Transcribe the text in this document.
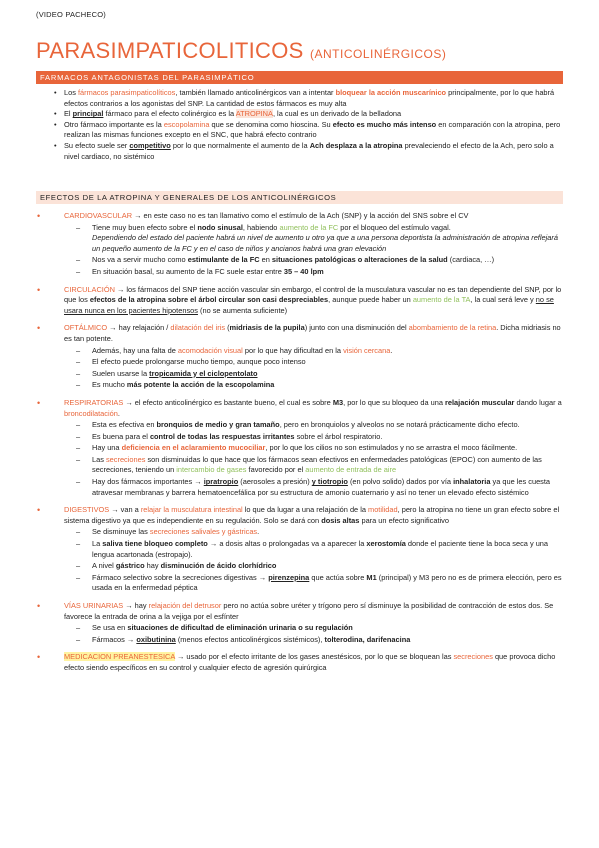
(VIDEO PACHECO)
PARASIMPATICOLITICOS (ANTICOLINÉRGICOS)
FARMACOS ANTAGONISTAS DEL PARASIMPÁTICO
• Los fármacos parasimpaticolíticos, también llamado anticolinérgicos van a intentar bloquear la acción muscarínico principalmente, por lo que habrá efectos contrarios a los agonistas del SNP. La cantidad de estos fármacos es muy alta
• El principal fármaco para el efecto colinérgico es la ATROPINA, la cual es un derivado de la belladona
• Otro fármaco importante es la escopolamina que se denomina como hioscina. Su efecto es mucho más intenso en comparación con la atropina, pero realizan las mismas funciones excepto en el SNC, que habrá efecto contrario
• Su efecto suele ser competitivo por lo que normalmente el aumento de la Ach desplaza a la atropina prevaleciendo el efecto de la Ach, pero solo a nivel cardiaco, no sistémico
EFECTOS DE LA ATROPINA Y GENERALES DE LOS ANTICOLINÉRGICOS
• CARDIOVASCULAR → en este caso no es tan llamativo como el estímulo de la Ach (SNP) y la acción del SNS sobre el CV
– Tiene muy buen efecto sobre el nodo sinusal, habiendo aumento de la FC por el bloqueo del estímulo vagal.
Dependiendo del estado del paciente habrá un nivel de aumento u otro ya que a una persona deportista la administración de atropina reflejará un pequeño aumento de la FC y en el caso de niños y ancianos habrá una gran elevación
– Nos va a servir mucho como estimulante de la FC en situaciones patológicas o alteraciones de la salud (cardiaca, …)
– En situación basal, su aumento de la FC suele estar entre 35 – 40 lpm
• CIRCULACIÓN → los fármacos del SNP tiene acción vascular sin embargo, el control de la musculatura vascular no es tan dependiente del SNP, por lo que los efectos de la atropina sobre el árbol circular son casi despreciables, aunque puede haber un aumento de la TA, la cual será leve y no se usara nunca en los pacientes hipotensos (no se aumenta suficiente)
• OFTÁLMICO → hay relajación / dilatación del iris (midriasis de la pupila) junto con una disminución del abombamiento de la retina. Dicha midriasis no es tan potente.
– Además, hay una falta de acomodación visual por lo que hay dificultad en la visión cercana.
– El efecto puede prolongarse mucho tiempo, aunque poco intenso
– Suelen usarse la tropicamida y el ciclopentolato
– Es mucho más potente la acción de la escopolamina
• RESPIRATORIAS → el efecto anticolinérgico es bastante bueno, el cual es sobre M3, por lo que su bloqueo da una relajación muscular dando lugar a broncodilatación.
– Esta es efectiva en bronquios de medio y gran tamaño, pero en bronquiolos y alveolos no se notará prácticamente dicho efecto.
– Es buena para el control de todas las respuestas irritantes sobre el árbol respiratorio.
– Hay una deficiencia en el aclaramiento mucociliar, por lo que los cilios no son estimulados y no se arrastra el moco fácilmente.
– Las secreciones son disminuidas lo que hace que los fármacos sean efectivos en enfermedades patológicas (EPOC) con aumento de las secreciones, teniendo un intercambio de gases favorecido por el aumento de entrada de aire
– Hay dos fármacos importantes → ipratropio (aerosoles a presión) y tiotropio (en polvo solido) dados por vía inhalatoria ya que les cuesta atravesar membranas y barrera hematoencefálica por su estructura de amonio cuaternario y así no tener un elevado efecto sistémico
• DIGESTIVOS → van a relajar la musculatura intestinal lo que da lugar a una relajación de la motilidad, pero la atropina no tiene un gran efecto sobre el sistema digestivo ya que es independiente en su regulación. Solo se dará con dosis altas para un efecto significativo
– Se disminuye las secreciones salivales y gástricas.
– La saliva tiene bloqueo completo → a dosis altas o prolongadas va a aparecer la xerostomía donde el paciente tiene la boca seca y una lengua acartonada (estropajo).
– A nivel gástrico hay disminución de ácido clorhídrico
– Fármaco selectivo sobre la secreciones digestivas → pirenzepina que actúa sobre M1 (principal) y M3 pero no es de primera elección, pero es usada en la enfermedad péptica
• VÍAS URINARIAS → hay relajación del detrusor pero no actúa sobre uréter y trígono pero sí disminuye la posibilidad de contracción de estos dos. Se favorece la entrada de orina a la vejiga por el esfínter
– Se usa en situaciones de dificultad de eliminación urinaria o su regulación
– Fármacos → oxibutinina (menos efectos anticolinérgicos sistémicos), tolterodina, darifenacina
• MEDICACION PREANESTESICA → usado por el efecto irritante de los gases anestésicos, por lo que se bloquean las secreciones que provoca dicho efecto siendo específicos en su control y cualquier efecto de agresión quirúrgica
